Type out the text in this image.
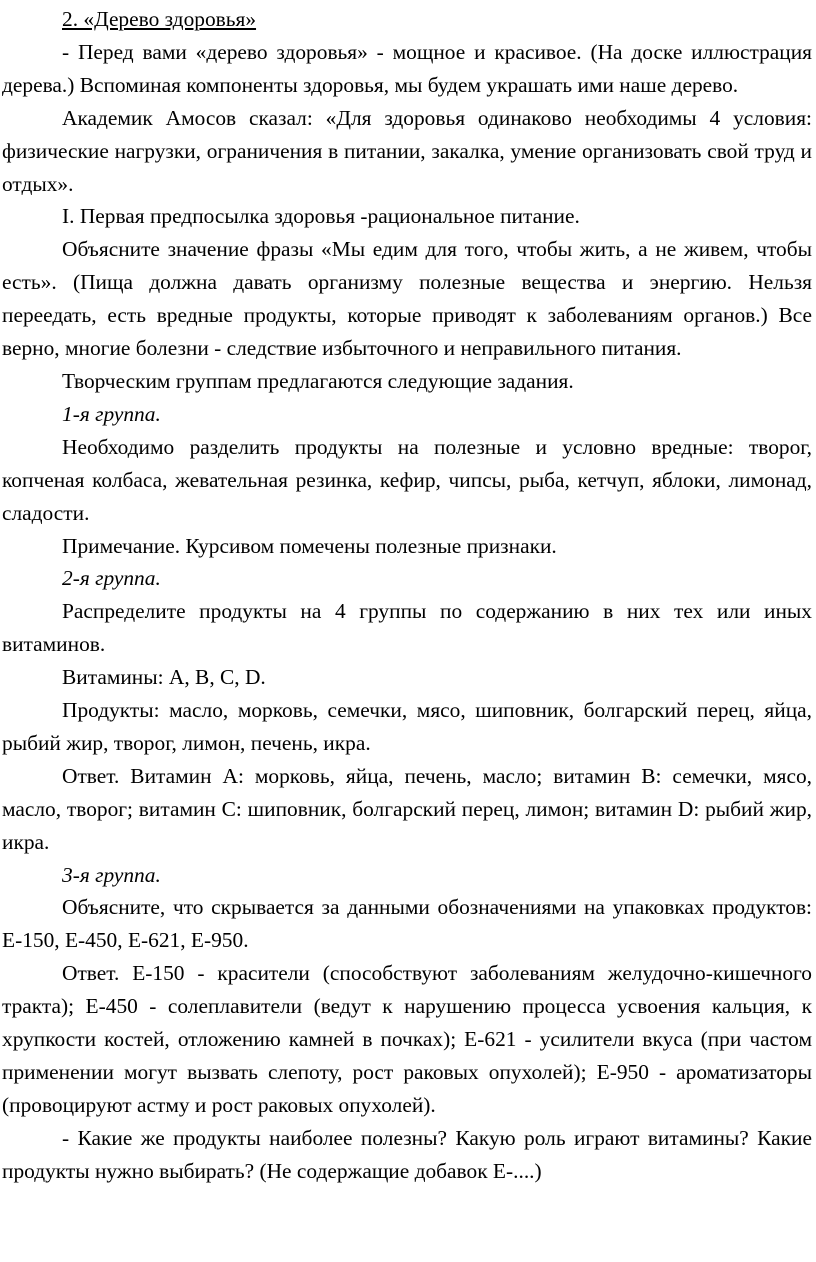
2. «Дерево здоровья»

- Перед вами «дерево здоровья» - мощное и красивое. (На доске иллюстрация дерева.) Вспоминая компоненты здоровья, мы будем украшать ими наше дерево.

Академик Амосов сказал: «Для здоровья одинаково необходимы 4 условия: физические нагрузки, ограничения в питании, закалка, умение организовать свой труд и отдых».

I. Первая предпосылка здоровья -рациональное питание.

Объясните значение фразы «Мы едим для того, чтобы жить, а не живем, чтобы есть». (Пища должна давать организму полезные вещества и энергию. Нельзя переедать, есть вредные продукты, которые приводят к заболеваниям органов.) Все верно, многие болезни - следствие избыточного и неправильного питания.

Творческим группам предлагаются следующие задания.

1-я группа.

Необходимо разделить продукты на полезные и условно вредные: творог, копченая колбаса, жевательная резинка, кефир, чипсы, рыба, кетчуп, яблоки, лимонад, сладости.

Примечание. Курсивом помечены полезные признаки.

2-я группа.

Распределите продукты на 4 группы по содержанию в них тех или иных витаминов.

Витамины: А, В, С, D.

Продукты: масло, морковь, семечки, мясо, шиповник, болгарский перец, яйца, рыбий жир, творог, лимон, печень, икра.

Ответ. Витамин А: морковь, яйца, печень, масло; витамин В: семечки, мясо, масло, творог; витамин С: шиповник, болгарский перец, лимон; витамин D: рыбий жир, икра.

3-я группа.

Объясните, что скрывается за данными обозначениями на упаковках продуктов: Е-150, Е-450, Е-621, Е-950.

Ответ. Е-150 - красители (способствуют заболеваниям желудочно-кишечного тракта); Е-450 - солеплавители (ведут к нарушению процесса усвоения кальция, к хрупкости костей, отложению камней в почках); Е-621 - усилители вкуса (при частом применении могут вызвать слепоту, рост раковых опухолей); Е-950 - ароматизаторы (провоцируют астму и рост раковых опухолей).

- Какие же продукты наиболее полезны? Какую роль играют витамины? Какие продукты нужно выбирать? (Не содержащие добавок Е-....)
